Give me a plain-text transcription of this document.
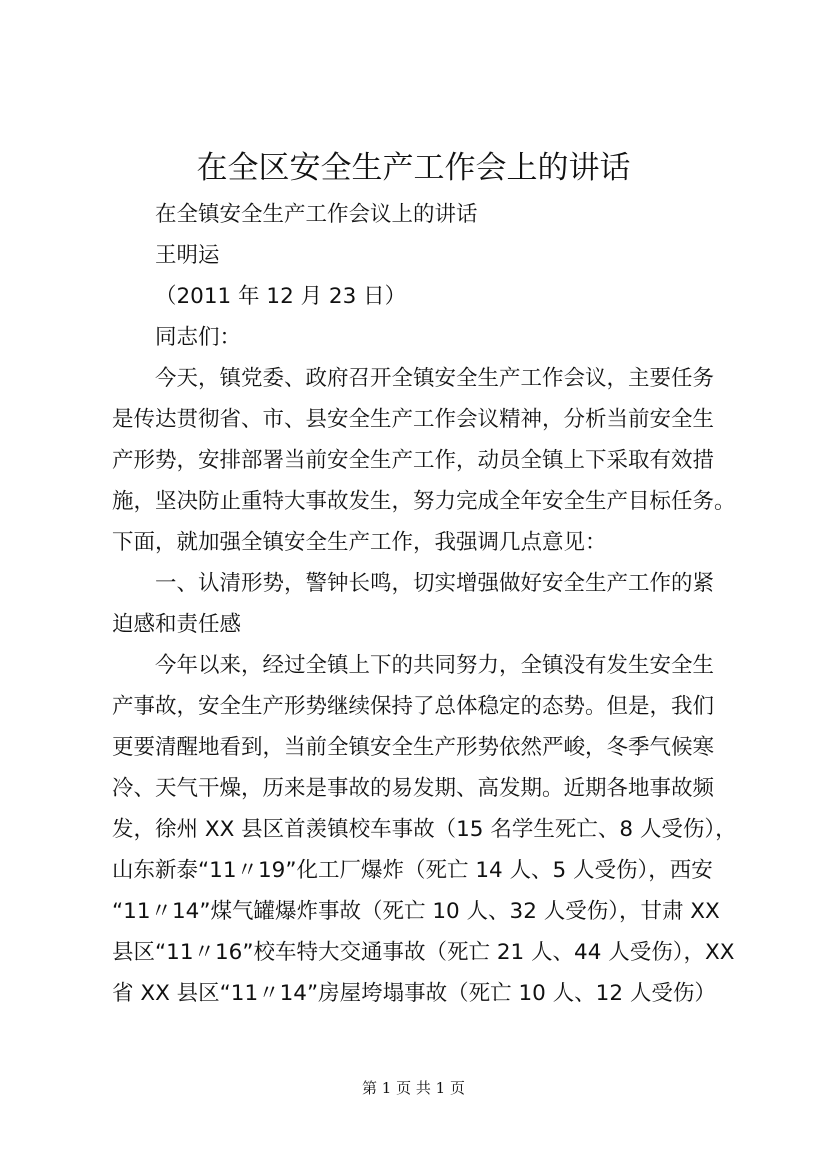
在全区安全生产工作会上的讲话
在全镇安全生产工作会议上的讲话
王明运
（2011 年 12 月 23 日）
同志们：
今天，镇党委、政府召开全镇安全生产工作会议，主要任务
是传达贯彻省、市、县安全生产工作会议精神，分析当前安全生
产形势，安排部署当前安全生产工作，动员全镇上下采取有效措
施，坚决防止重特大事故发生，努力完成全年安全生产目标任务。
下面，就加强全镇安全生产工作，我强调几点意见：
一、认清形势，警钟长鸣，切实增强做好安全生产工作的紧
迫感和责任感
今年以来，经过全镇上下的共同努力，全镇没有发生安全生
产事故，安全生产形势继续保持了总体稳定的态势。但是，我们
更要清醒地看到，当前全镇安全生产形势依然严峻，冬季气候寒
冷、天气干燥，历来是事故的易发期、高发期。近期各地事故频
发，徐州 XX 县区首羡镇校车事故（15 名学生死亡、8 人受伤），
山东新泰“11〃19”化工厂爆炸（死亡 14 人、5 人受伤），西安
“11〃14”煤气罐爆炸事故（死亡 10 人、32 人受伤），甘肃 XX
县区“11〃16”校车特大交通事故（死亡 21 人、44 人受伤），XX
省 XX 县区“11〃14”房屋垮塌事故（死亡 10 人、12 人受伤）
第 1 页 共 1 页
